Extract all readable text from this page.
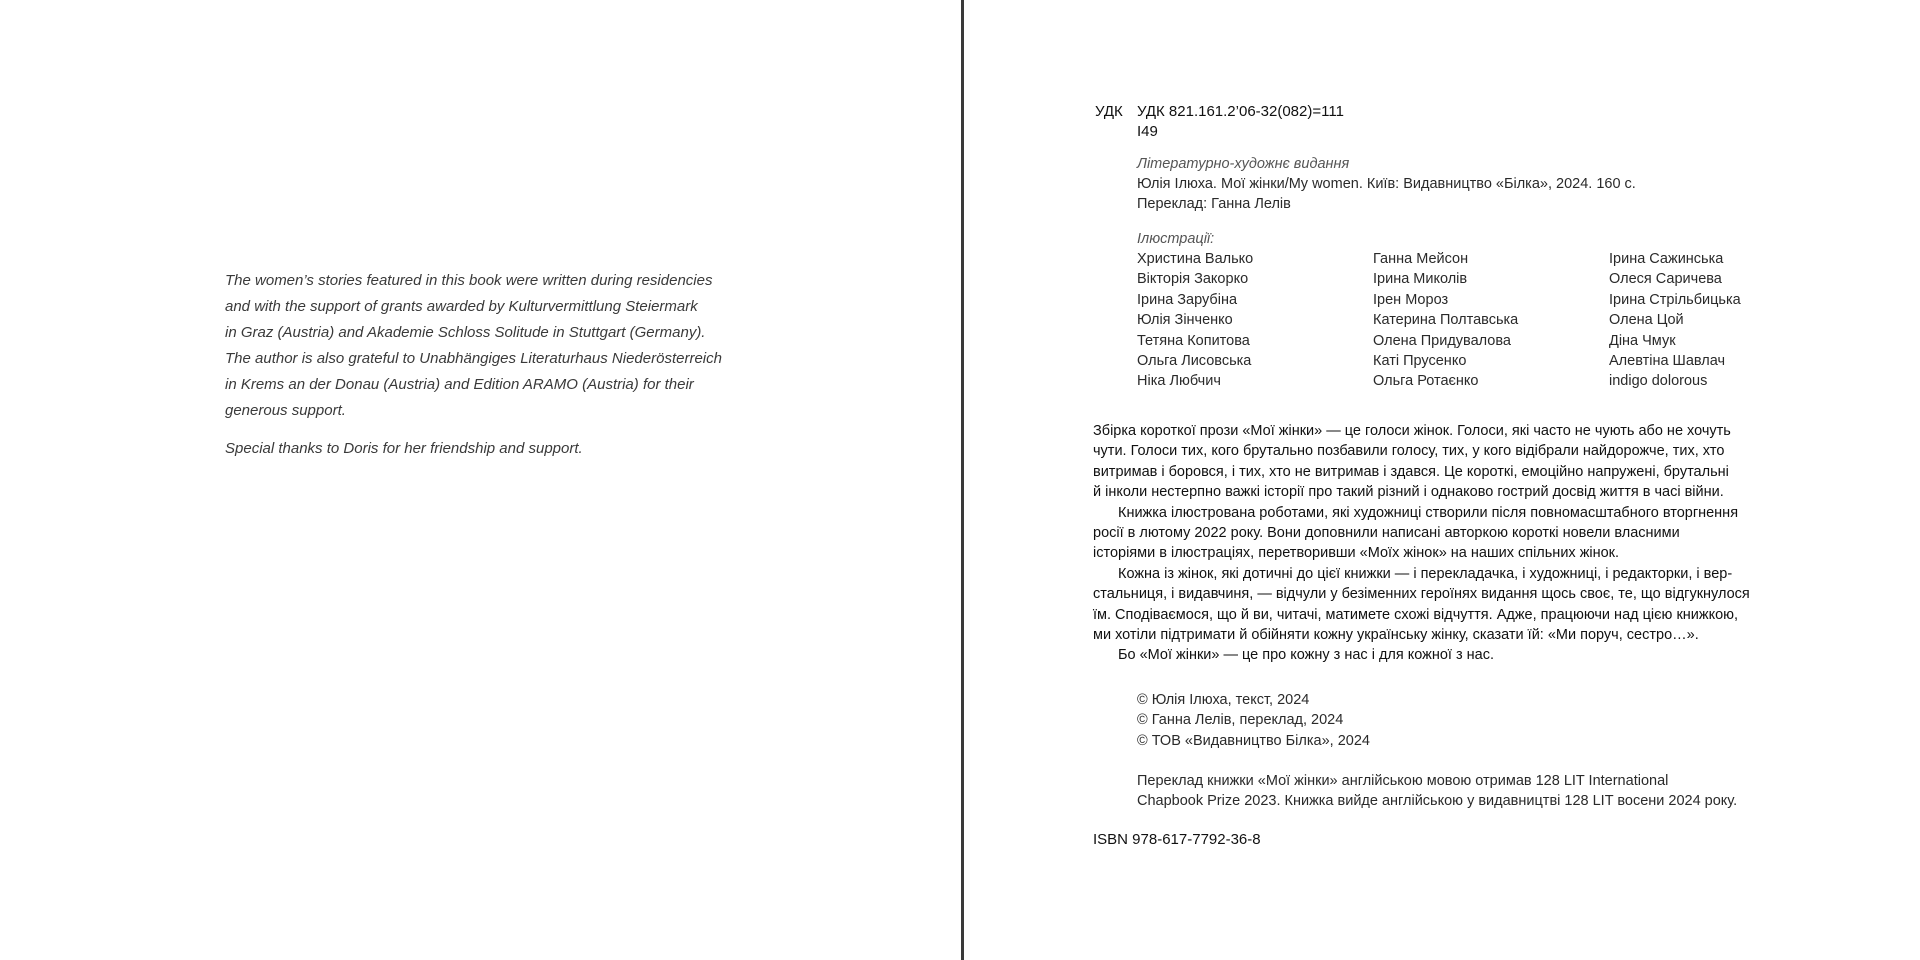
The women’s stories featured in this book were written during residencies
and with the support of grants awarded by Kulturvermittlung Steiermark
in Graz (Austria) and Akademie Schloss Solitude in Stuttgart (Germany).
The author is also grateful to Unabhängiges Literaturhaus Niederösterreich
in Krems an der Donau (Austria) and Edition ARAMO (Austria) for their
generous support.

Special thanks to Doris for her friendship and support.

УДК УДК 821.161.2’06-32(082)=111
І49
Літературно-художнє видання
Юлія Ілюха. Мої жінки/My women. Київ: Видавництво «Білка», 2024. 160 с.
Переклад: Ганна Лелів
Ілюстрації:
Христина Валько
Вікторія Закорко
Ірина Зарубіна
Юлія Зінченко
Тетяна Копитова
Ольга Лисовська
Ніка Любчич
Ганна Мейсон
Ірина Миколів
Ірен Мороз
Катерина Полтавська
Олена Придувалова
Каті Прусенко
Ольга Ротаєнко
Ірина Сажинська
Олеся Саричева
Ірина Стрільбицька
Олена Цой
Діна Чмук
Алевтіна Шавлач
indigo dolorous
Збірка короткої прози «Мої жінки» — це голоси жінок. Голоси, які часто не чують або не хочуть
чути. Голоси тих, кого брутально позбавили голосу, тих, у кого відібрали найдорожче, тих, хто
витримав і боровся, і тих, хто не витримав і здався. Це короткі, емоційно напружені, брутальні
й інколи нестерпно важкі історії про такий різний і однаково гострий досвід життя в часі війни.
Книжка ілюстрована роботами, які художниці створили після повномасштабного вторгнення
росії в лютому 2022 року. Вони доповнили написані авторкою короткі новели власними
історіями в ілюстраціях, перетворивши «Моїх жінок» на наших спільних жінок.
Кожна із жінок, які дотичні до цієї книжки — і перекладачка, і художниці, і редакторки, і вер-
стальниця, і видавчиня, — відчули у безіменних героїнях видання щось своє, те, що відгукнулося
їм. Сподіваємося, що й ви, читачі, матимете схожі відчуття. Адже, працюючи над цією книжкою,
ми хотіли підтримати й обійняти кожну українську жінку, сказати їй: «Ми поруч, сестро…».
Бо «Мої жінки» — це про кожну з нас і для кожної з нас.
© Юлія Ілюха, текст, 2024
© Ганна Лелів, переклад, 2024
© ТОВ «Видавництво Білка», 2024
Переклад книжки «Мої жінки» англійською мовою отримав 128 LIT International
Chapbook Prize 2023. Книжка вийде англійською у видавництві 128 LIT восени 2024 року.
ISBN 978-617-7792-36-8
